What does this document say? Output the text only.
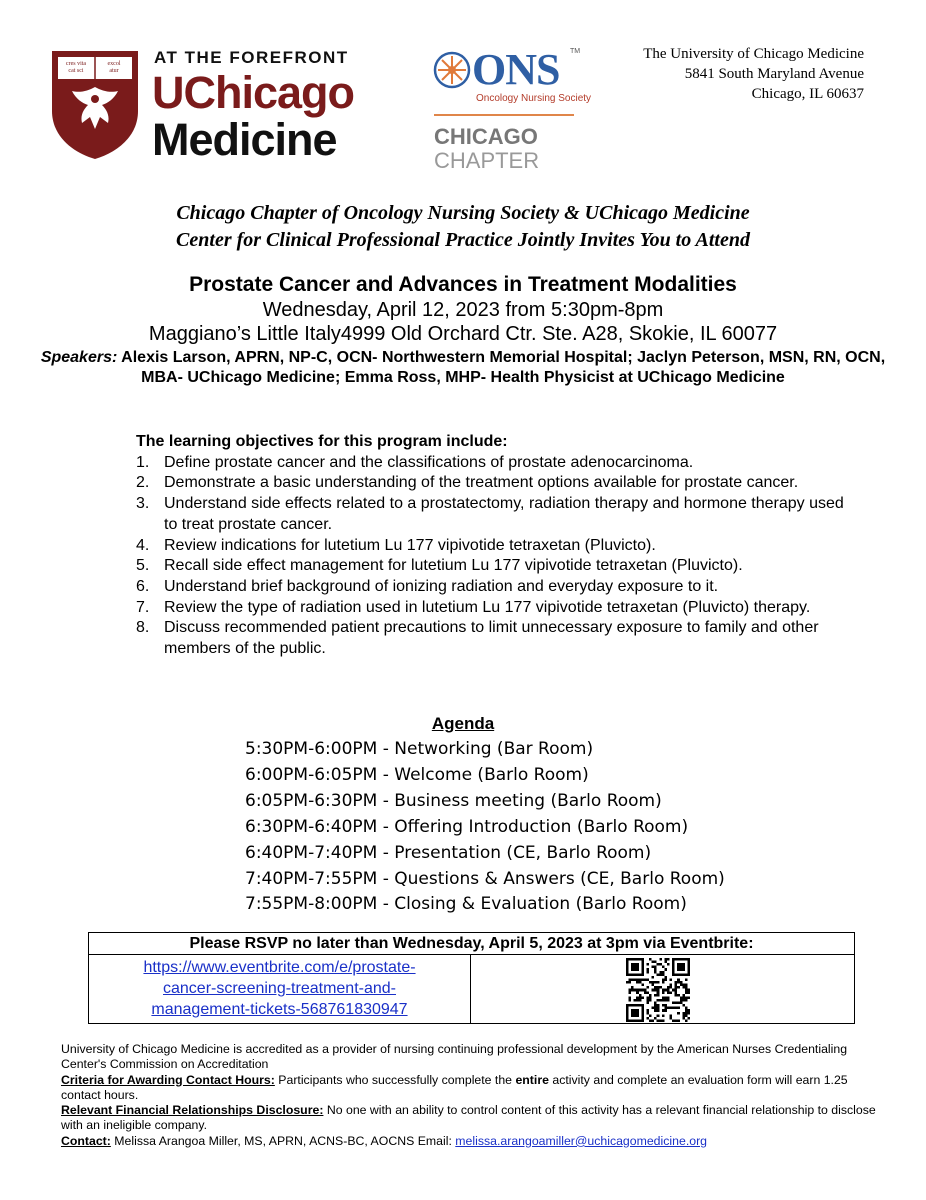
cres vita
cat sci
excol
atur
AT THE FOREFRONT
UChicago
Medicine
ONS TM
Oncology Nursing Society
CHICAGO
CHAPTER
The University of Chicago Medicine
5841 South Maryland Avenue
Chicago, IL 60637
Chicago Chapter of Oncology Nursing Society & UChicago Medicine
Center for Clinical Professional Practice Jointly Invites You to Attend
Prostate Cancer and Advances in Treatment Modalities
Wednesday, April 12, 2023 from 5:30pm-8pm
Maggiano’s Little Italy4999 Old Orchard Ctr. Ste. A28, Skokie, IL 60077
Speakers: Alexis Larson, APRN, NP-C, OCN- Northwestern Memorial Hospital; Jaclyn Peterson, MSN, RN, OCN, MBA- UChicago Medicine; Emma Ross, MHP- Health Physicist at UChicago Medicine
The learning objectives for this program include:
1. Define prostate cancer and the classifications of prostate adenocarcinoma.
2. Demonstrate a basic understanding of the treatment options available for prostate cancer.
3. Understand side effects related to a prostatectomy, radiation therapy and hormone therapy used to treat prostate cancer.
4. Review indications for lutetium Lu 177 vipivotide tetraxetan (Pluvicto).
5. Recall side effect management for lutetium Lu 177 vipivotide tetraxetan (Pluvicto).
6. Understand brief background of ionizing radiation and everyday exposure to it.
7. Review the type of radiation used in lutetium Lu 177 vipivotide tetraxetan (Pluvicto) therapy.
8. Discuss recommended patient precautions to limit unnecessary exposure to family and other members of the public.
Agenda
5:30PM-6:00PM - Networking (Bar Room)
6:00PM-6:05PM - Welcome (Barlo Room)
6:05PM-6:30PM - Business meeting (Barlo Room)
6:30PM-6:40PM - Offering Introduction (Barlo Room)
6:40PM-7:40PM - Presentation (CE, Barlo Room)
7:40PM-7:55PM - Questions & Answers (CE, Barlo Room)
7:55PM-8:00PM - Closing & Evaluation (Barlo Room)
Please RSVP no later than Wednesday, April 5, 2023 at 3pm via Eventbrite:
https://www.eventbrite.com/e/prostate-
cancer-screening-treatment-and-
management-tickets-568761830947

University of Chicago Medicine is accredited as a provider of nursing continuing professional development by the American Nurses Credentialing Center's Commission on Accreditation

Criteria for Awarding Contact Hours: Participants who successfully complete the entire activity and complete an evaluation form will earn 1.25 contact hours.

Relevant Financial Relationships Disclosure: No one with an ability to control content of this activity has a relevant financial relationship to disclose with an ineligible company.

Contact: Melissa Arangoa Miller, MS, APRN, ACNS-BC, AOCNS Email: melissa.arangoamiller@uchicagomedicine.org
